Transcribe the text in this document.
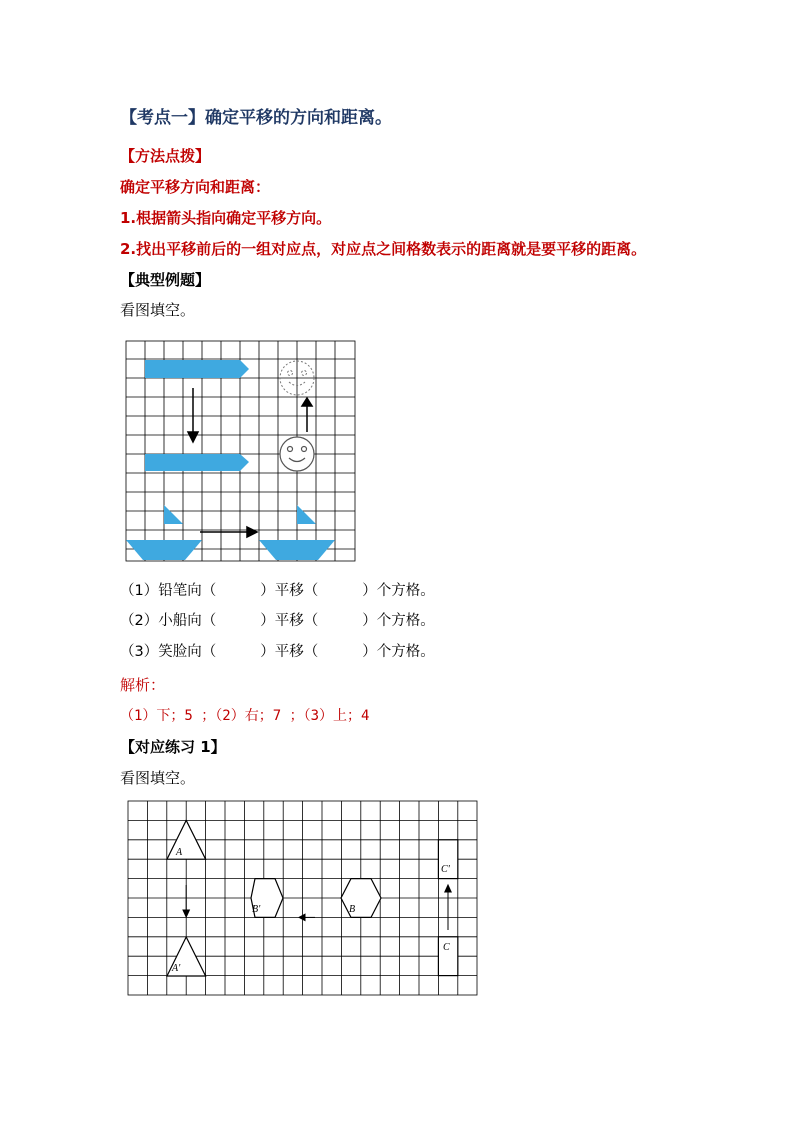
【考点一】确定平移的方向和距离。
【方法点拨】
确定平移方向和距离：
1.根据箭头指向确定平移方向。
2.找出平移前后的一组对应点，对应点之间格数表示的距离就是要平移的距离。
【典型例题】
看图填空。
（1）铅笔向（	）平移（	）个方格。
（2）小船向（	）平移（	）个方格。
（3）笑脸向（	）平移（	）个方格。
解析：
（1）下；5 ；（2）右；7 ；（3）上；4
【对应练习 1】
看图填空。
A
A'
B'	B
C'
C
